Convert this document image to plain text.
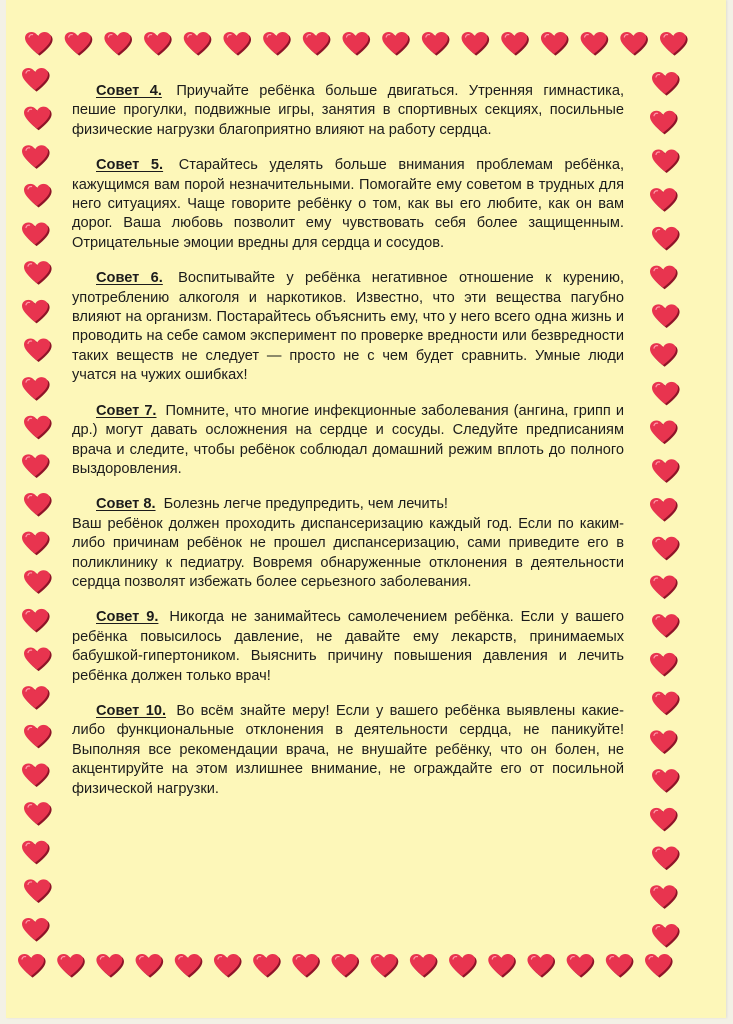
Совет 4. Приучайте ребёнка больше двигаться. Утренняя гимнастика, пешие прогулки, подвижные игры, занятия в спортивных секциях, посильные физические нагрузки благоприятно влияют на работу сердца.

Совет 5. Старайтесь уделять больше внимания проблемам ребёнка, кажущимся вам порой незначительными. Помогайте ему советом в трудных для него ситуациях. Чаще говорите ребёнку о том, как вы его любите, как он вам дорог. Ваша любовь позволит ему чувствовать себя более защищенным. Отрицательные эмоции вредны для сердца и сосудов.

Совет 6. Воспитывайте у ребёнка негативное отношение к курению, употреблению алкоголя и наркотиков. Известно, что эти вещества пагубно влияют на организм. Постарайтесь объяснить ему, что у него всего одна жизнь и проводить на себе самом эксперимент по проверке вредности или безвредности таких веществ не следует — просто не с чем будет сравнить. Умные люди учатся на чужих ошибках!

Совет 7. Помните, что многие инфекционные заболевания (ангина, грипп и др.) могут давать осложнения на сердце и сосуды. Следуйте предписаниям врача и следите, чтобы ребёнок соблюдал домашний режим вплоть до полного выздоровления.

Совет 8. Болезнь легче предупредить, чем лечить!
Ваш ребёнок должен проходить диспансеризацию каждый год. Если по каким-либо причинам ребёнок не прошел диспансеризацию, сами приведите его в поликлинику к педиатру. Вовремя обнаруженные отклонения в деятельности сердца позволят избежать более серьезного заболевания.

Совет 9. Никогда не занимайтесь самолечением ребёнка. Если у вашего ребёнка повысилось давление, не давайте ему лекарств, принимаемых бабушкой-гипертоником. Выяснить причину повышения давления и лечить ребёнка должен только врач!

Совет 10. Во всём знайте меру! Если у вашего ребёнка выявлены какие-либо функциональные отклонения в деятельности сердца, не паникуйте! Выполняя все рекомендации врача, не внушайте ребёнку, что он болен, не акцентируйте на этом излишнее внимание, не ограждайте его от посильной физической нагрузки.
